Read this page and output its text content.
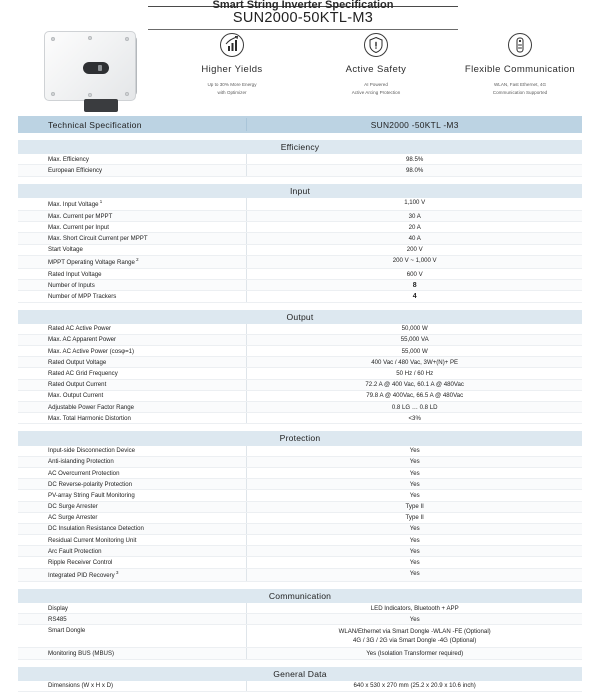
Smart String Inverter Specification
SUN2000-50KTL-M3
Higher Yields
Up to 30% More Energy
with Optimizer
Active Safety
AI Powered
Active Arcing Protection
Flexible Communication
WLAN, Fast Ethernet, 4G
Communication Supported
Technical Specification	SUN2000 -50KTL -M3
Efficiency
Max. Efficiency	98.5%
European Efficiency	98.0%
Input
Max. Input Voltage $^1$	1,100 V
Max. Current per MPPT	30 A
Max. Current per Input	20 A
Max. Short Circuit Current per MPPT	40 A
Start Voltage	200 V
MPPT Operating Voltage Range $^2$	200 V ~ 1,000 V
Rated Input Voltage	600 V
Number of Inputs	8
Number of MPP Trackers	4
Output
Rated AC Active Power	50,000 W
Max. AC Apparent Power	55,000 VA
Max. AC Active Power (cosφ=1)	55,000 W
Rated Output Voltage	400 Vac / 480 Vac, 3W+(N)+ PE
Rated AC Grid Frequency	50 Hz / 60 Hz
Rated Output Current	72.2 A @ 400 Vac, 60.1 A @ 480Vac
Max. Output Current	79.8 A @ 400Vac, 66.5 A @ 480Vac
Adjustable Power Factor Range	0.8 LG … 0.8 LD
Max. Total Harmonic Distortion	<3%
Protection
Input-side Disconnection Device	Yes
Anti-islanding Protection	Yes
AC Overcurrent Protection	Yes
DC Reverse-polarity Protection	Yes
PV-array String Fault Monitoring	Yes
DC Surge Arrester	Type II
AC Surge Arrester	Type II
DC Insulation Resistance Detection	Yes
Residual Current Monitoring Unit	Yes
Arc Fault Protection	Yes
Ripple Receiver Control	Yes
Integrated PID Recovery $^3$	Yes
Communication
Display	LED Indicators, Bluetooth + APP
RS485	Yes
Smart Dongle	WLAN/Ethernet via Smart Dongle -WLAN -FE (Optional)
4G / 3G / 2G via Smart Dongle -4G (Optional)
Monitoring BUS (MBUS)	Yes (Isolation Transformer required)
General Data
Dimensions (W x H x D)	640 x 530 x 270 mm (25.2 x 20.9 x 10.6 inch)
